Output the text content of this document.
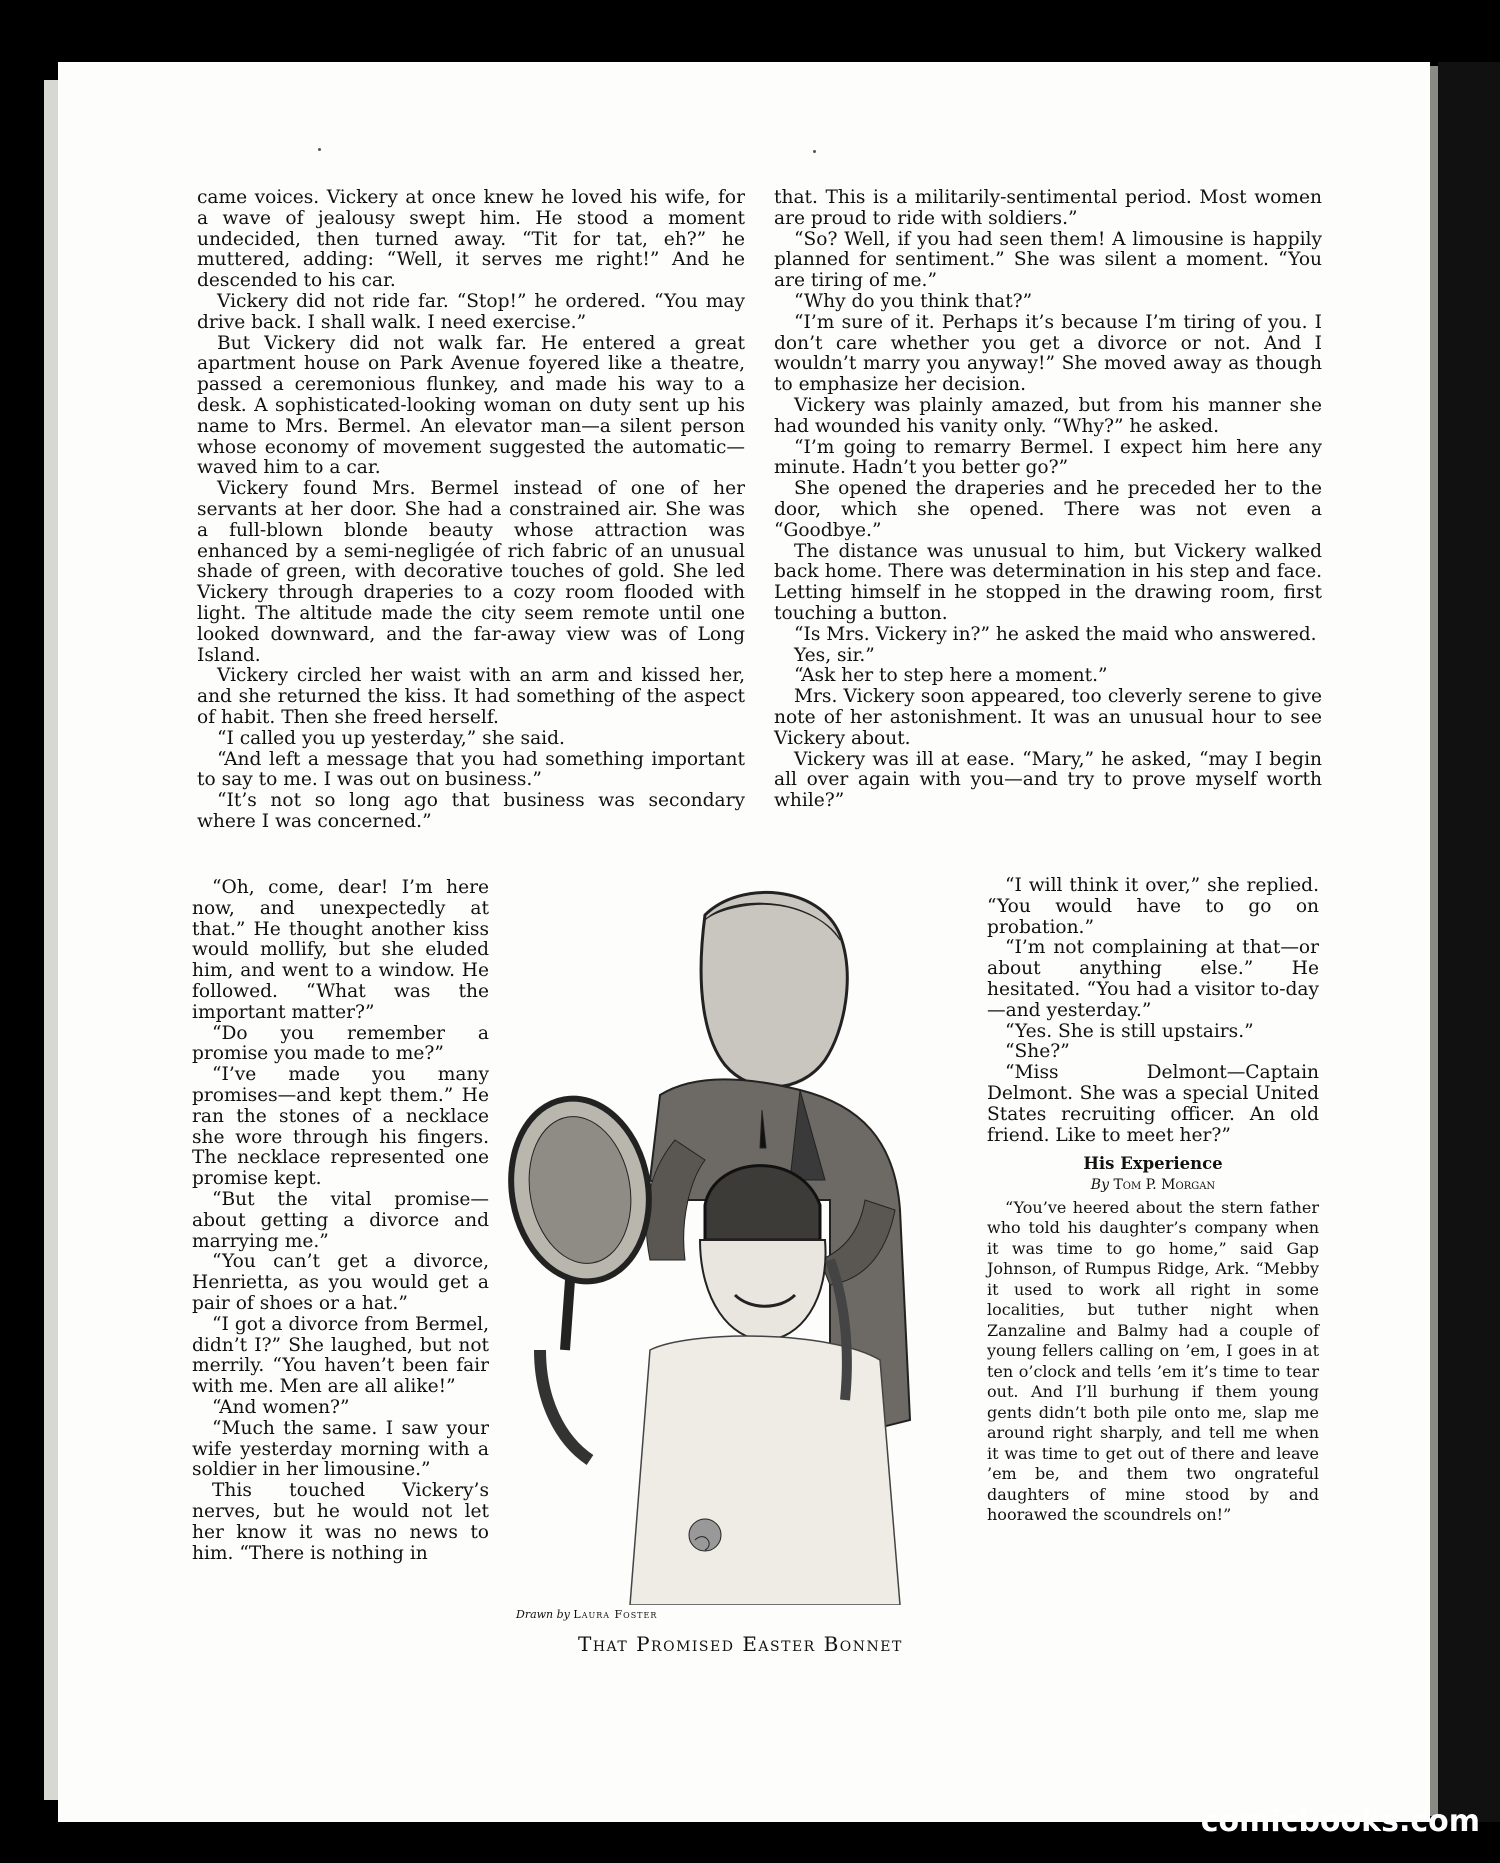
came voices. Vickery at once knew he loved his wife, for a wave of jealousy swept him. He stood a moment undecided, then turned away. “Tit for tat, eh?” he muttered, adding: “Well, it serves me right!” And he descended to his car.

Vickery did not ride far. “Stop!” he ordered. “You may drive back. I shall walk. I need exercise.”

But Vickery did not walk far. He entered a great apartment house on Park Avenue foyered like a theatre, passed a ceremonious flunkey, and made his way to a desk. A sophisticated-looking woman on duty sent up his name to Mrs. Bermel. An elevator man—a silent person whose economy of movement suggested the automatic—waved him to a car.

Vickery found Mrs. Bermel instead of one of her servants at her door. She had a constrained air. She was a full-blown blonde beauty whose attraction was enhanced by a semi-negligée of rich fabric of an unusual shade of green, with decorative touches of gold. She led Vickery through draperies to a cozy room flooded with light. The altitude made the city seem remote until one looked downward, and the far-away view was of Long Island.

Vickery circled her waist with an arm and kissed her, and she returned the kiss. It had something of the aspect of habit. Then she freed herself.

“I called you up yesterday,” she said.

“And left a message that you had something important to say to me. I was out on business.”

“It’s not so long ago that business was secondary where I was concerned.”

“Oh, come, dear! I’m here now, and unexpectedly at that.” He thought another kiss would mollify, but she eluded him, and went to a window. He followed. “What was the important matter?”

“Do you remember a promise you made to me?”

“I’ve made you many promises—and kept them.” He ran the stones of a necklace she wore through his fingers. The necklace represented one promise kept.

“But the vital promise—about getting a divorce and marrying me.”

“You can’t get a divorce, Henrietta, as you would get a pair of shoes or a hat.”

“I got a divorce from Bermel, didn’t I?” She laughed, but not merrily. “You haven’t been fair with me. Men are all alike!”

“And women?”

“Much the same. I saw your wife yesterday morning with a soldier in her limousine.”

This touched Vickery’s nerves, but he would not let her know it was no news to him. “There is nothing in

that. This is a militarily-sentimental period. Most women are proud to ride with soldiers.”

“So? Well, if you had seen them! A limousine is happily planned for sentiment.” She was silent a moment. “You are tiring of me.”

“Why do you think that?”

“I’m sure of it. Perhaps it’s because I’m tiring of you. I don’t care whether you get a divorce or not. And I wouldn’t marry you anyway!” She moved away as though to emphasize her decision.

Vickery was plainly amazed, but from his manner she had wounded his vanity only. “Why?” he asked.

“I’m going to remarry Bermel. I expect him here any minute. Hadn’t you better go?”

She opened the draperies and he preceded her to the door, which she opened. There was not even a “Goodbye.”

The distance was unusual to him, but Vickery walked back home. There was determination in his step and face. Letting himself in he stopped in the drawing room, first touching a button.

“Is Mrs. Vickery in?” he asked the maid who answered.

Yes, sir.”

“Ask her to step here a moment.”

Mrs. Vickery soon appeared, too cleverly serene to give note of her astonishment. It was an unusual hour to see Vickery about.

Vickery was ill at ease. “Mary,” he asked, “may I begin all over again with you—and try to prove myself worth while?”

“I will think it over,” she replied. “You would have to go on probation.”

“I’m not complaining at that—or about anything else.” He hesitated. “You had a visitor to-day—and yesterday.”

“Yes. She is still upstairs.”

“She?”

“Miss Delmont—Captain Delmont. She was a special United States recruiting officer. An old friend. Like to meet her?”

His Experience
By Tom P. Morgan

“You’ve heered about the stern father who told his daughter’s company when it was time to go home,” said Gap Johnson, of Rumpus Ridge, Ark. “Mebby it used to work all right in some localities, but tuther night when Zanzaline and Balmy had a couple of young fellers calling on ’em, I goes in at ten o’clock and tells ’em it’s time to tear out. And I’ll burhung if them young gents didn’t both pile onto me, slap me around right sharply, and tell me when it was time to get out of there and leave ’em be, and them two ongrateful daughters of mine stood by and hoorawed the scoundrels on!”

Drawn by Laura Foster
That Promised Easter Bonnet
comicbooks.com
